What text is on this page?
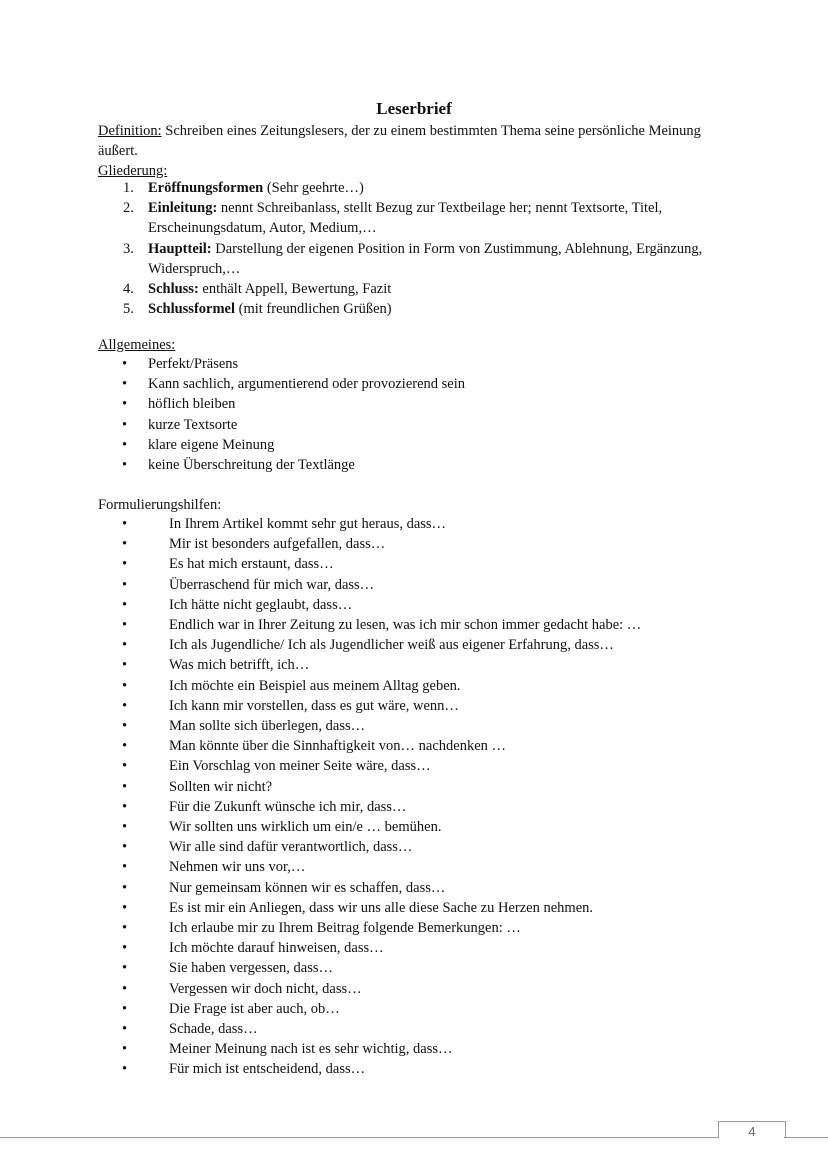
Leserbrief
Definition: Schreiben eines Zeitungslesers, der zu einem bestimmten Thema seine persönliche Meinung äußert.
Gliederung:
1. Eröffnungsformen (Sehr geehrte…)
2. Einleitung: nennt Schreibanlass, stellt Bezug zur Textbeilage her; nennt Textsorte, Titel, Erscheinungsdatum, Autor, Medium,…
3. Hauptteil: Darstellung der eigenen Position in Form von Zustimmung, Ablehnung, Ergänzung, Widerspruch,…
4. Schluss: enthält Appell, Bewertung, Fazit
5. Schlussformel (mit freundlichen Grüßen)
Allgemeines:
• Perfekt/Präsens
• Kann sachlich, argumentierend oder provozierend sein
• höflich bleiben
• kurze Textsorte
• klare eigene Meinung
• keine Überschreitung der Textlänge
Formulierungshilfen:
•	In Ihrem Artikel kommt sehr gut heraus, dass…
•	Mir ist besonders aufgefallen, dass…
•	Es hat mich erstaunt, dass…
•	Überraschend für mich war, dass…
•	Ich hätte nicht geglaubt, dass…
•	Endlich war in Ihrer Zeitung zu lesen, was ich mir schon immer gedacht habe: …
•	Ich als Jugendliche/ Ich als Jugendlicher weiß aus eigener Erfahrung, dass…
•	Was mich betrifft, ich…
•	Ich möchte ein Beispiel aus meinem Alltag geben.
•	Ich kann mir vorstellen, dass es gut wäre, wenn…
•	Man sollte sich überlegen, dass…
•	Man könnte über die Sinnhaftigkeit von… nachdenken …
•	Ein Vorschlag von meiner Seite wäre, dass…
•	Sollten wir nicht?
•	Für die Zukunft wünsche ich mir, dass…
•	Wir sollten uns wirklich um ein/e … bemühen.
•	Wir alle sind dafür verantwortlich, dass…
•	Nehmen wir uns vor,…
•	Nur gemeinsam können wir es schaffen, dass…
•	Es ist mir ein Anliegen, dass wir uns alle diese Sache zu Herzen nehmen.
•	Ich erlaube mir zu Ihrem Beitrag folgende Bemerkungen: …
•	Ich möchte darauf hinweisen, dass…
•	Sie haben vergessen, dass…
•	Vergessen wir doch nicht, dass…
•	Die Frage ist aber auch, ob…
•	Schade, dass…
•	Meiner Meinung nach ist es sehr wichtig, dass…
•	Für mich ist entscheidend, dass…
4
